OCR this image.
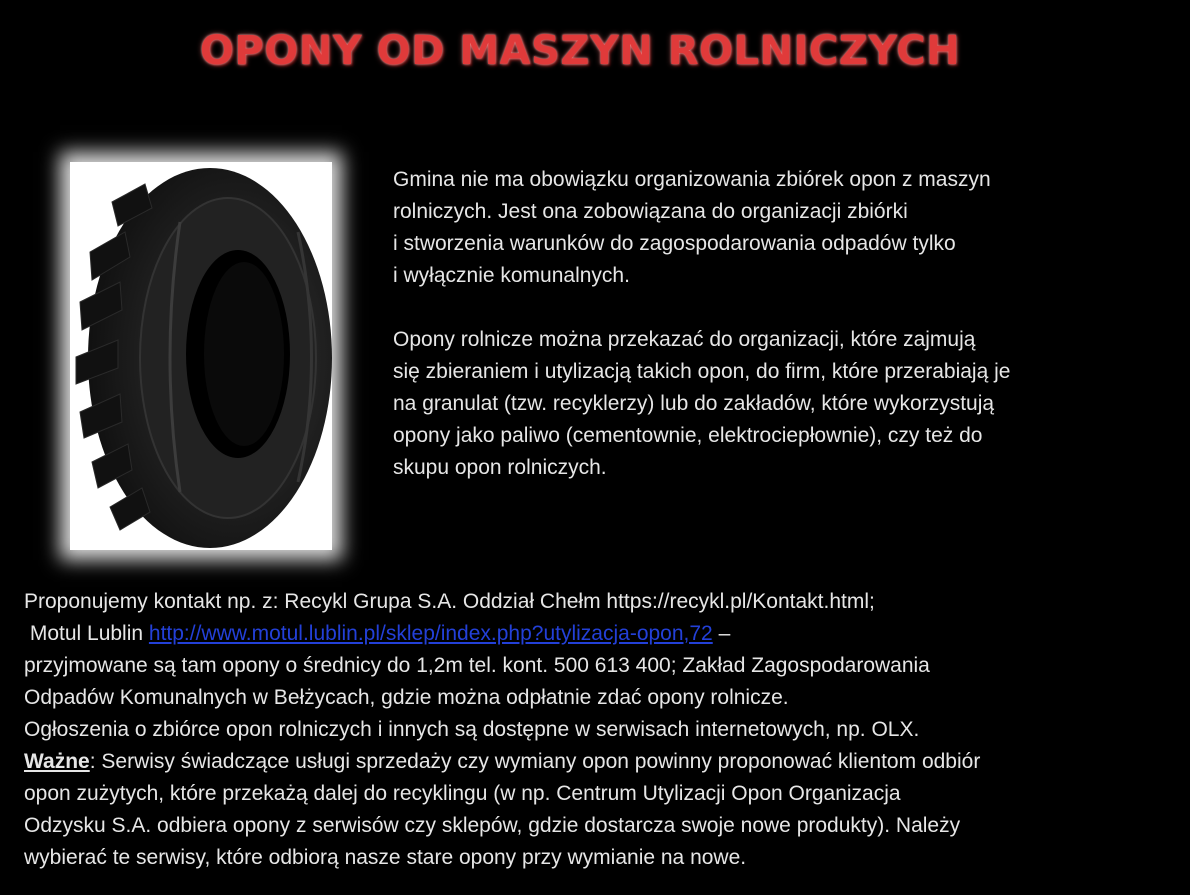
OPONY OD MASZYN ROLNICZYCH

Gmina nie ma obowiązku organizowania zbiórek opon z maszyn
rolniczych. Jest ona zobowiązana do organizacji zbiórki
i stworzenia warunków do zagospodarowania odpadów tylko
i wyłącznie komunalnych.

Opony rolnicze można przekazać do organizacji, które zajmują
się zbieraniem i utylizacją takich opon, do firm, które przerabiają je
na granulat (tzw. recyklerzy) lub do zakładów, które wykorzystują
opony jako paliwo (cementownie, elektrociepłownie), czy też do
skupu opon rolniczych.

Proponujemy kontakt np. z: Recykl Grupa S.A. Oddział Chełm https://recykl.pl/Kontakt.html;

Motul Lublin http://www.motul.lublin.pl/sklep/index.php?utylizacja-opon,72 –

przyjmowane są tam opony o średnicy do 1,2m tel. kont. 500 613 400; Zakład Zagospodarowania

Odpadów Komunalnych w Bełżycach, gdzie można odpłatnie zdać opony rolnicze.

Ogłoszenia o zbiórce opon rolniczych i innych są dostępne w serwisach internetowych, np. OLX.

Ważne: Serwisy świadczące usługi sprzedaży czy wymiany opon powinny proponować klientom odbiór

opon zużytych, które przekażą dalej do recyklingu (w np. Centrum Utylizacji Opon Organizacja

Odzysku S.A. odbiera opony z serwisów czy sklepów, gdzie dostarcza swoje nowe produkty). Należy

wybierać te serwisy, które odbiorą nasze stare opony przy wymianie na nowe.
